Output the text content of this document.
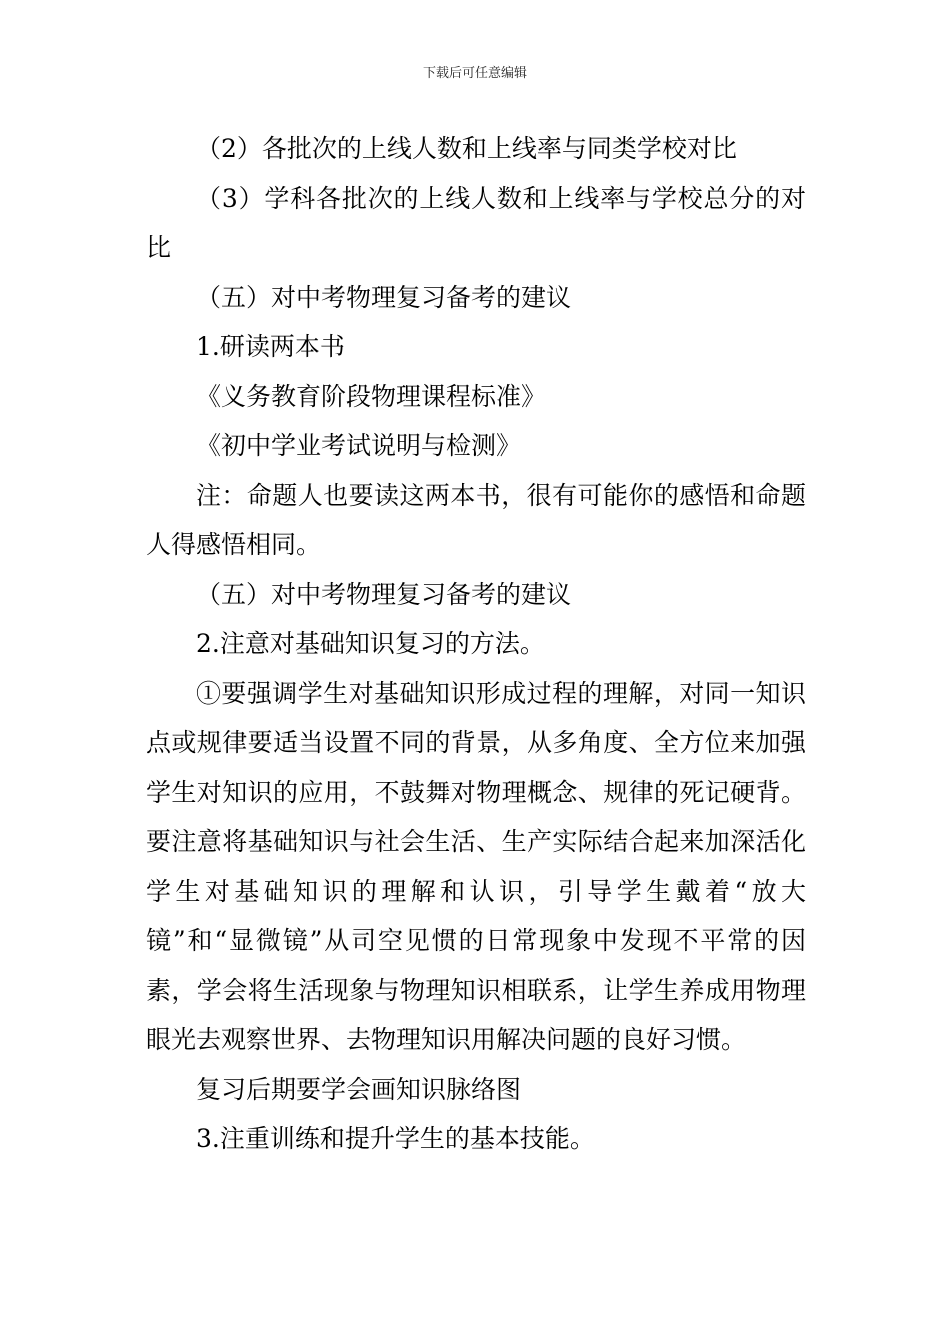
下载后可任意编辑

（2）各批次的上线人数和上线率与同类学校对比

（3）学科各批次的上线人数和上线率与学校总分的对比

（五）对中考物理复习备考的建议

1.研读两本书

《义务教育阶段物理课程标准》

《初中学业考试说明与检测》

注：命题人也要读这两本书，很有可能你的感悟和命题人得感悟相同。

（五）对中考物理复习备考的建议

2.注意对基础知识复习的方法。

①要强调学生对基础知识形成过程的理解，对同一知识点或规律要适当设置不同的背景，从多角度、全方位来加强学生对知识的应用，不鼓舞对物理概念、规律的死记硬背。要注意将基础知识与社会生活、生产实际结合起来加深活化学生对基础知识的理解和认识，引导学生戴着“放大镜”和“显微镜”从司空见惯的日常现象中发现不平常的因素，学会将生活现象与物理知识相联系，让学生养成用物理眼光去观察世界、去物理知识用解决问题的良好习惯。

复习后期要学会画知识脉络图

3.注重训练和提升学生的基本技能。
